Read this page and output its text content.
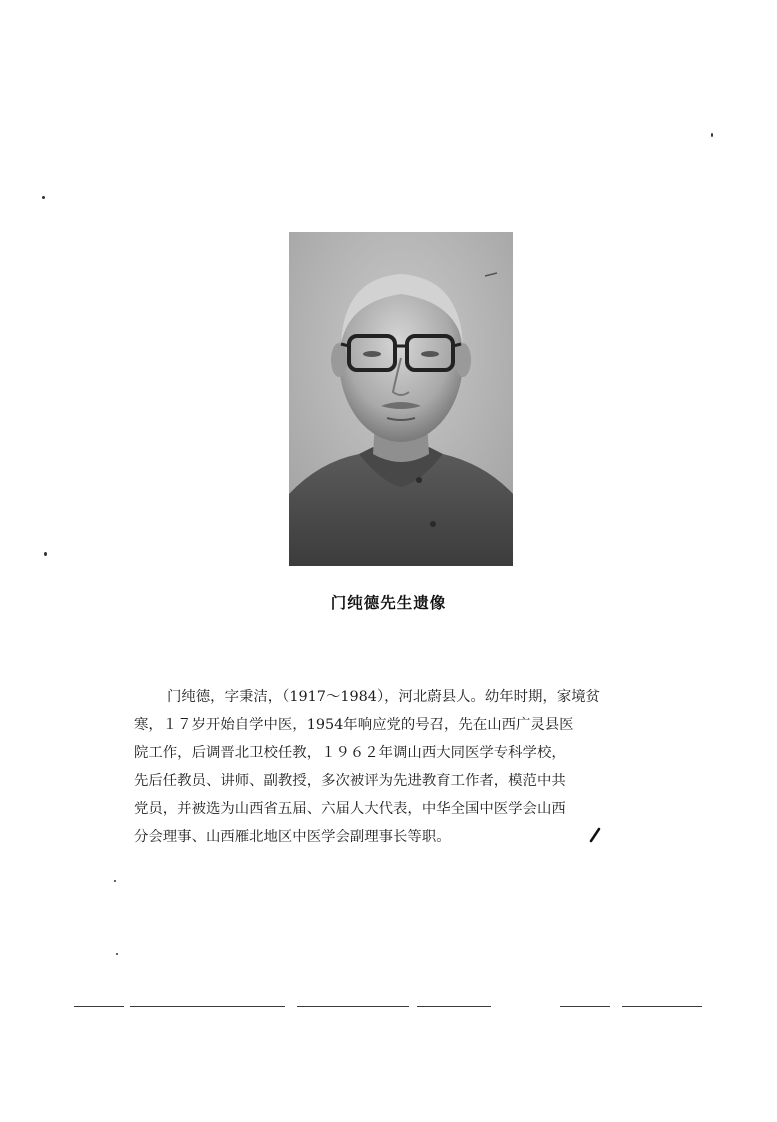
门纯德先生遗像
门纯德，字秉洁，（1917～1984），河北蔚县人。幼年时期，家境贫
寒，１７岁开始自学中医，1954年响应党的号召，先在山西广灵县医
院工作，后调晋北卫校任教，１９６２年调山西大同医学专科学校，
先后任教员、讲师、副教授，多次被评为先进教育工作者，模范中共
党员，并被选为山西省五届、六届人大代表，中华全国中医学会山西
分会理事、山西雁北地区中医学会副理事长等职。
